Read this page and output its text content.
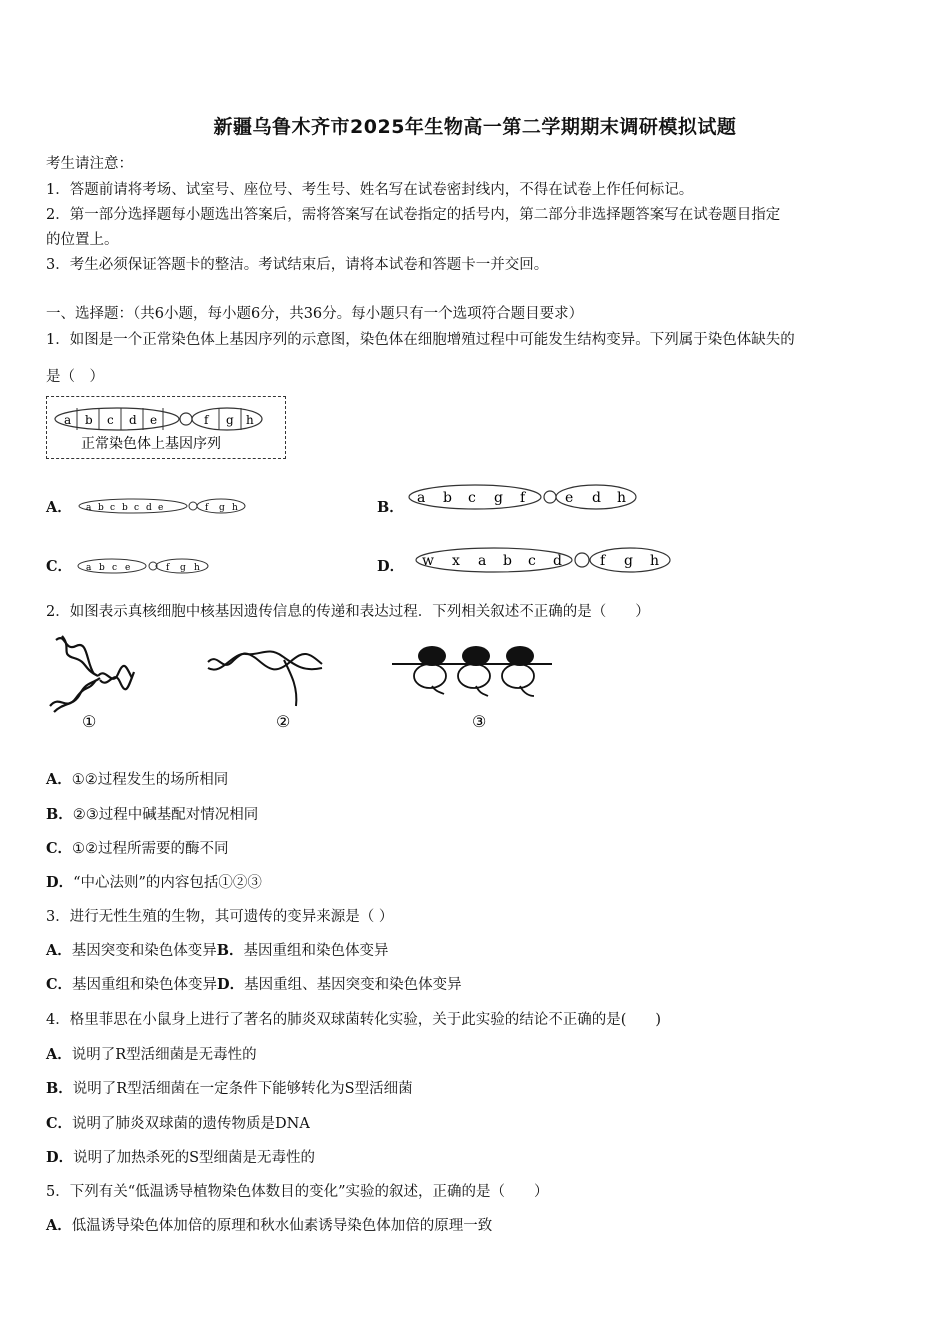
新疆乌鲁木齐市2025年生物高一第二学期期末调研模拟试题
考生请注意：
1．答题前请将考场、试室号、座位号、考生号、姓名写在试卷密封线内，不得在试卷上作任何标记。
2．第一部分选择题每小题选出答案后，需将答案写在试卷指定的括号内，第二部分非选择题答案写在试卷题目指定
的位置上。
3．考生必须保证答题卡的整洁。考试结束后，请将本试卷和答题卡一并交回。
一、选择题：（共6小题，每小题6分，共36分。每小题只有一个选项符合题目要求）
1．如图是一个正常染色体上基因序列的示意图，染色体在细胞增殖过程中可能发生结构变异。下列属于染色体缺失的
是（　）
a b c d e	f g h
正常染色体上基因序列
A． a b c b c d e	f g h	B．
a b c g f	e d h
C． a b c e	f g h	D． w x a b c d	f g h
2．如图表示真核细胞中核基因遗传信息的传递和表达过程．下列相关叙述不正确的是（　　）
①	②	③
A．①②过程发生的场所相同
B．②③过程中碱基配对情况相同
C．①②过程所需要的酶不同
D．“中心法则”的内容包括①②③
3．进行无性生殖的生物，其可遗传的变异来源是（ ）
A．基因突变和染色体变异B．基因重组和染色体变异
C．基因重组和染色体变异D．基因重组、基因突变和染色体变异
4．格里菲思在小鼠身上进行了著名的肺炎双球菌转化实验，关于此实验的结论不正确的是(　　)
A．说明了R型活细菌是无毒性的
B．说明了R型活细菌在一定条件下能够转化为S型活细菌
C．说明了肺炎双球菌的遗传物质是DNA
D．说明了加热杀死的S型细菌是无毒性的
5．下列有关“低温诱导植物染色体数目的变化”实验的叙述，正确的是（　　）
A．低温诱导染色体加倍的原理和秋水仙素诱导染色体加倍的原理一致
